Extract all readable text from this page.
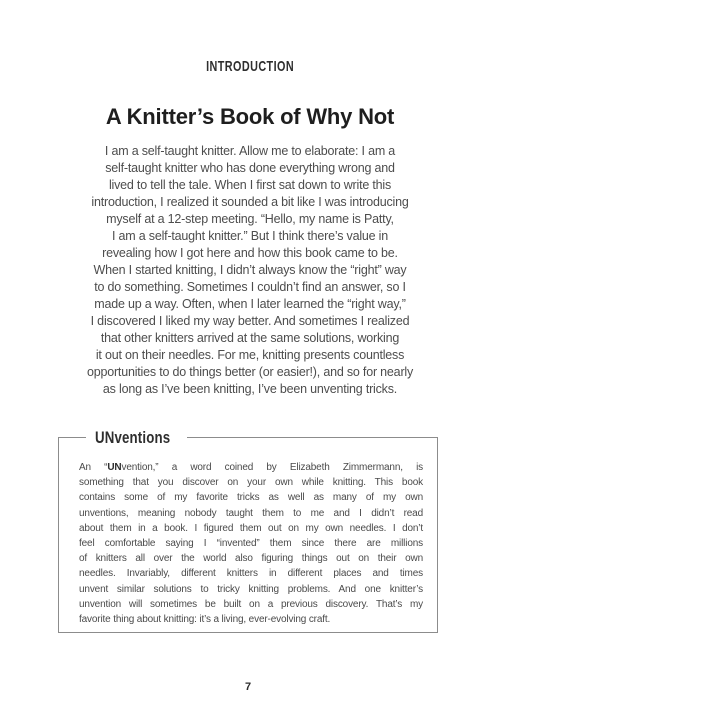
INTRODUCTION
A Knitter’s Book of Why Not
I am a self-taught knitter. Allow me to elaborate: I am a
self-taught knitter who has done everything wrong and
lived to tell the tale. When I first sat down to write this
introduction, I realized it sounded a bit like I was introducing
myself at a 12-step meeting. “Hello, my name is Patty,
I am a self-taught knitter.” But I think there’s value in
revealing how I got here and how this book came to be.
When I started knitting, I didn’t always know the “right” way
to do something. Sometimes I couldn’t find an answer, so I
made up a way. Often, when I later learned the “right way,”
I discovered I liked my way better. And sometimes I realized
that other knitters arrived at the same solutions, working
it out on their needles. For me, knitting presents countless
opportunities to do things better (or easier!), and so for nearly
as long as I’ve been knitting, I’ve been unventing tricks.
UNventions
An “UNvention,” a word coined by Elizabeth Zimmermann, is
something that you discover on your own while knitting. This book
contains some of my favorite tricks as well as many of my own
unventions, meaning nobody taught them to me and I didn’t read
about them in a book. I figured them out on my own needles. I don’t
feel comfortable saying I “invented” them since there are millions
of knitters all over the world also figuring things out on their own
needles. Invariably, different knitters in different places and times
unvent similar solutions to tricky knitting problems. And one knitter’s
unvention will sometimes be built on a previous discovery. That’s my
favorite thing about knitting: it’s a living, ever-evolving craft.
7
